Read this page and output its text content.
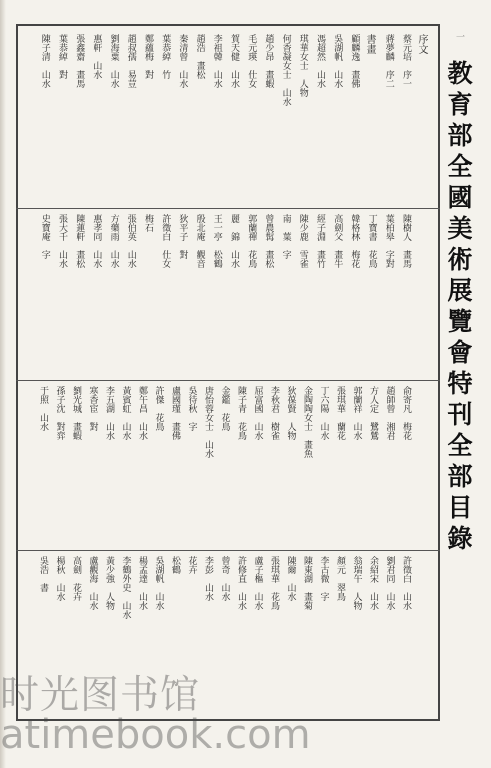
教育部全國美術展覽會特刊全部目錄
一
序文
書畫	蔡元培　序一
蔣夢麟　序二
顧麟逸　畫佛
吳湖帆　山水
馮超然　山水
琪華女士　人物
何香凝女士　山水
趙少昂　畫蝦
毛元瑛　仕女
賀天健　山水
李祖韓　山水
趙浩　畫松
秦清曾　山水
葉恭綽　竹
鄭蘊梅　對
趙叔孺　易荳
劉海粟　山水
惠軒　山水
張鑫齋　畫馬
葉恭綽　對
陳子清　山水
陳樹人　畫馬
葉柏皋　字對
丁寶書　花鳥
韓格林　梅花
高劍父　畫牛
經子淵　畫竹
陳少鹿　雪雀
南　葉　字
曾農髯　畫松
郭蘭禪　花鳥
麗　錦　山水
王一亭　松鶴
殷北庵　觀音
狄平子　對
許徵白　仕女
梅石
張伯英　山水
方藥雨　山水
惠孝同　山水
陳蓮軒　畫松
張大千　山水
史寶庵　字
俞寄凡　梅花
趙師曾　湘君
方人定　鷺鷥
郭蘭祥　山水
張琪華　蘭花
丁六陽　山水
金陶陶女士　畫魚
狄葆賢　人物
李秋君　樹雀
屈富國　山水
陳子青　花鳥
金鑑　花鳥
唐怡蓉女士　山水
吳待秋　字
盧國瑾　畫佛
許傑　花鳥
鄭午昌　山水
黃賓虹　山水
李五湖　山水
寒香宦　對
劉光城　畫蝦
孫子沈　對弈
于照　山水
許徵白　山水
劉君同　山水
余紹宋　山水
翁瑞午　人物
顏元　翠鳥
李古微　字
陳東湖　畫菊
陳爾　山水
張琪華　花鳥
盧子樞　山水
許修直　山水
曾奇　山水
李彭　山水
花卉
松鶴
吳湖帆　山水
楊孟達　山水
李鶴外史　山水
黃少強　人物
盧觀海　山水
高劍　花卉
楊秋　山水
吳浩　書
时光图书馆
atimebook.com
